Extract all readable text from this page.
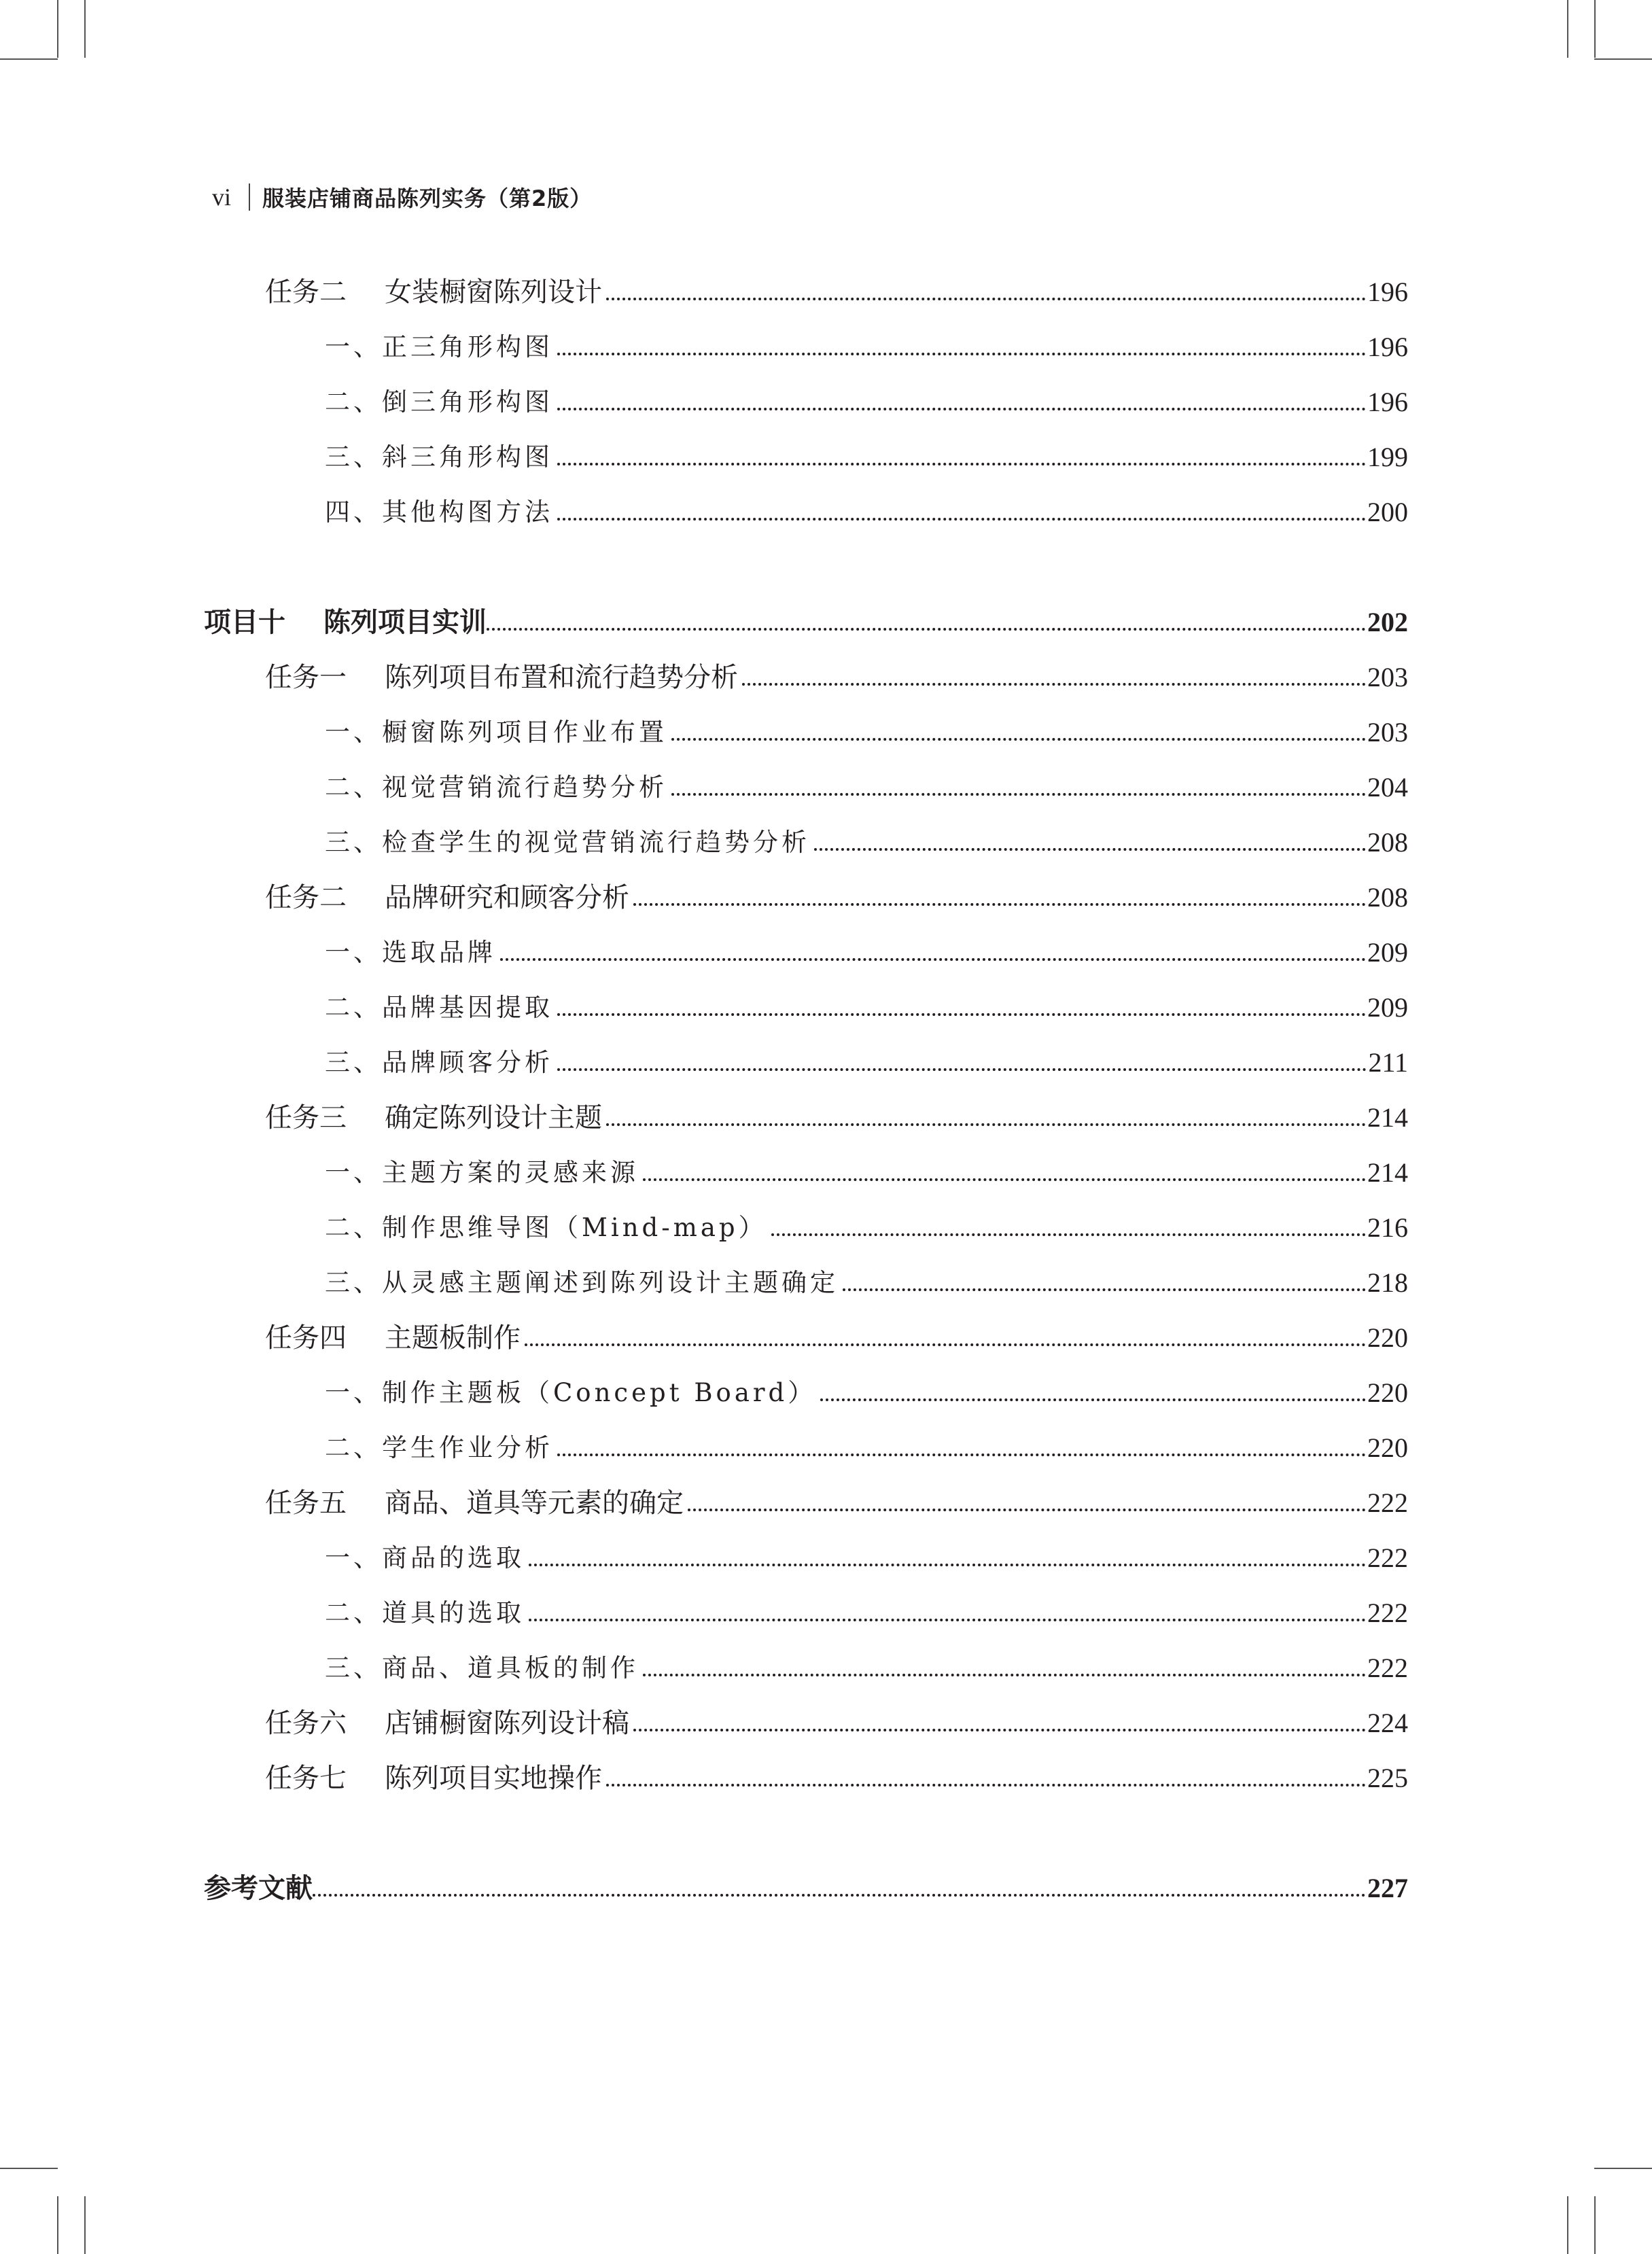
vi 服装店铺商品陈列实务（第2版）
任务二 女装橱窗陈列设计	196
一、正三角形构图	196
二、倒三角形构图	196
三、斜三角形构图	199
四、其他构图方法	200
项目十 陈列项目实训	202
任务一 陈列项目布置和流行趋势分析	203
一、橱窗陈列项目作业布置	203
二、视觉营销流行趋势分析	204
三、检查学生的视觉营销流行趋势分析	208
任务二 品牌研究和顾客分析	208
一、选取品牌	209
二、品牌基因提取	209
三、品牌顾客分析	211
任务三 确定陈列设计主题	214
一、主题方案的灵感来源	214
二、制作思维导图（Mind-map）	216
三、从灵感主题阐述到陈列设计主题确定	218
任务四 主题板制作	220
一、制作主题板（Concept Board）	220
二、学生作业分析	220
任务五 商品、道具等元素的确定	222
一、商品的选取	222
二、道具的选取	222
三、商品、道具板的制作	222
任务六 店铺橱窗陈列设计稿	224
任务七 陈列项目实地操作	225
参考文献	227
